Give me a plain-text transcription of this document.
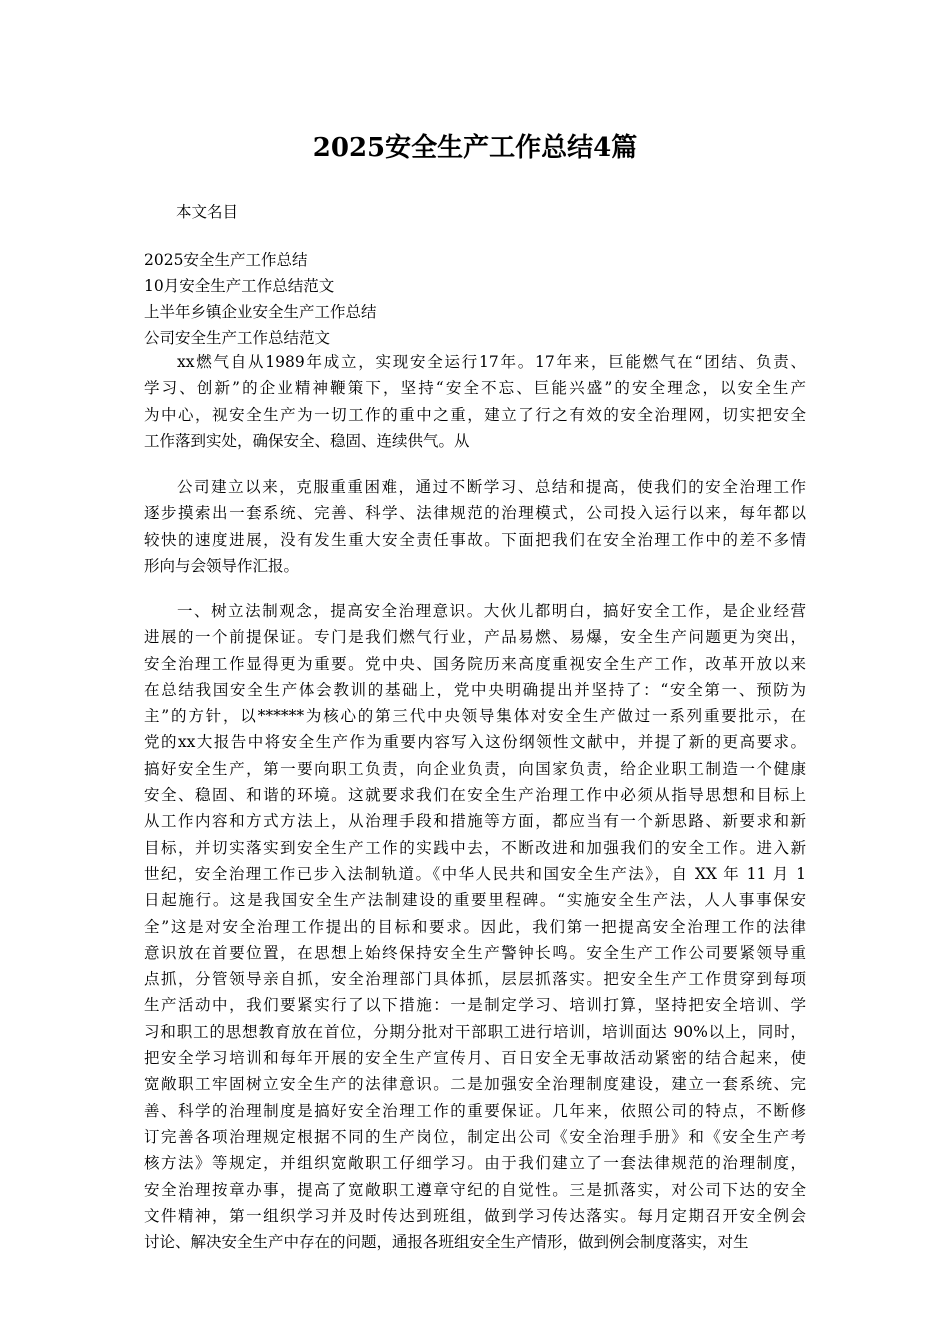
2025安全生产工作总结4篇
本文名目
2025安全生产工作总结
10月安全生产工作总结范文
上半年乡镇企业安全生产工作总结
公司安全生产工作总结范文
xx燃气自从1989年成立，实现安全运行17年。17年来，巨能燃气在“团结、负责、
学习、创新”的企业精神鞭策下，坚持“安全不忘、巨能兴盛”的安全理念，以安全生产
为中心，视安全生产为一切工作的重中之重，建立了行之有效的安全治理网，切实把安全
工作落到实处，确保安全、稳固、连续供气。从
公司建立以来，克服重重困难，通过不断学习、总结和提高，使我们的安全治理工作
逐步摸索出一套系统、完善、科学、法律规范的治理模式，公司投入运行以来，每年都以
较快的速度进展，没有发生重大安全责任事故。下面把我们在安全治理工作中的差不多情
形向与会领导作汇报。
一、树立法制观念，提高安全治理意识。大伙儿都明白，搞好安全工作，是企业经营
进展的一个前提保证。专门是我们燃气行业，产品易燃、易爆，安全生产问题更为突出，
安全治理工作显得更为重要。党中央、国务院历来高度重视安全生产工作，改革开放以来
在总结我国安全生产体会教训的基础上，党中央明确提出并坚持了：“安全第一、预防为
主”的方针，以******为核心的第三代中央领导集体对安全生产做过一系列重要批示，在
党的xx大报告中将安全生产作为重要内容写入这份纲领性文献中，并提了新的更高要求。
搞好安全生产，第一要向职工负责，向企业负责，向国家负责，给企业职工制造一个健康
安全、稳固、和谐的环境。这就要求我们在安全生产治理工作中必须从指导思想和目标上
从工作内容和方式方法上，从治理手段和措施等方面，都应当有一个新思路、新要求和新
目标，并切实落实到安全生产工作的实践中去，不断改进和加强我们的安全工作。进入新
世纪，安全治理工作已步入法制轨道。《中华人民共和国安全生产法》，自 XX 年 11 月 1
日起施行。这是我国安全生产法制建设的重要里程碑。“实施安全生产法，人人事事保安
全”这是对安全治理工作提出的目标和要求。因此，我们第一把提高安全治理工作的法律
意识放在首要位置，在思想上始终保持安全生产警钟长鸣。安全生产工作公司要紧领导重
点抓，分管领导亲自抓，安全治理部门具体抓，层层抓落实。把安全生产工作贯穿到每项
生产活动中，我们要紧实行了以下措施：一是制定学习、培训打算，坚持把安全培训、学
习和职工的思想教育放在首位，分期分批对干部职工进行培训，培训面达 90%以上，同时，
把安全学习培训和每年开展的安全生产宣传月、百日安全无事故活动紧密的结合起来，使
宽敞职工牢固树立安全生产的法律意识。二是加强安全治理制度建设，建立一套系统、完
善、科学的治理制度是搞好安全治理工作的重要保证。几年来，依照公司的特点，不断修
订完善各项治理规定根据不同的生产岗位，制定出公司《安全治理手册》和《安全生产考
核方法》等规定，并组织宽敞职工仔细学习。由于我们建立了一套法律规范的治理制度，
安全治理按章办事，提高了宽敞职工遵章守纪的自觉性。三是抓落实，对公司下达的安全
文件精神，第一组织学习并及时传达到班组，做到学习传达落实。每月定期召开安全例会
讨论、解决安全生产中存在的问题，通报各班组安全生产情形，做到例会制度落实，对生
